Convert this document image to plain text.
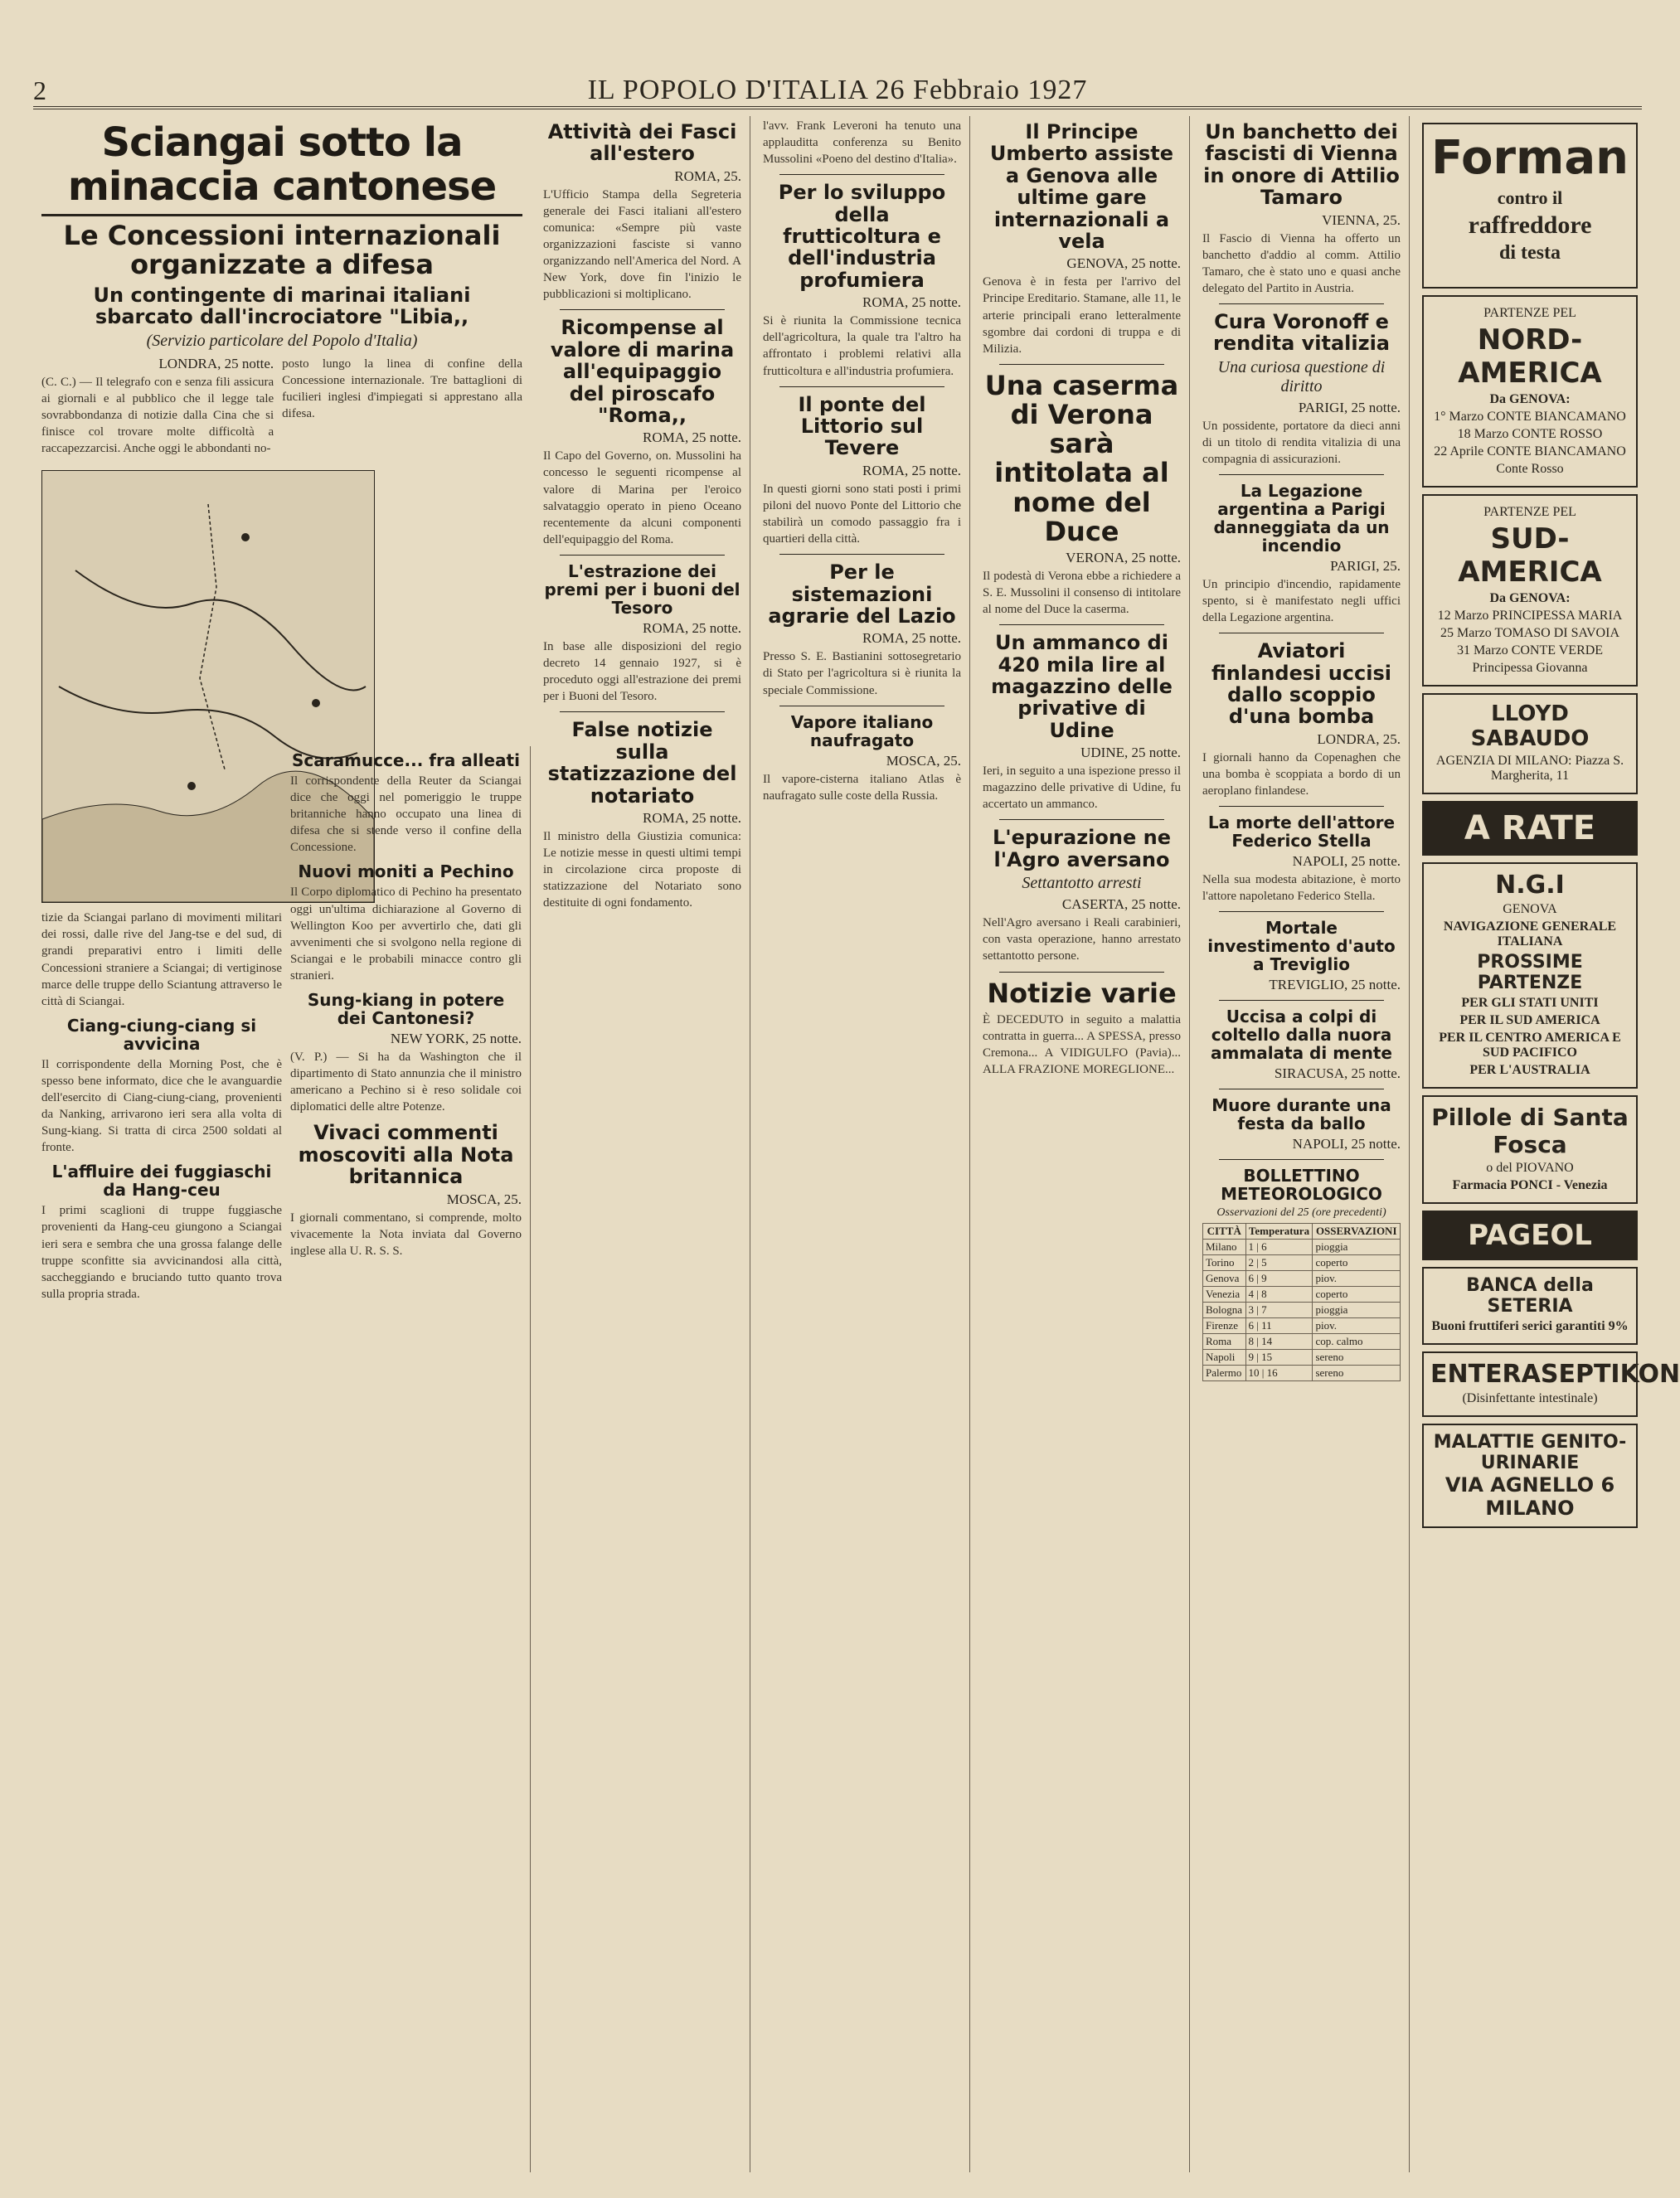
2	IL POPOLO D'ITALIA 26 Febbraio 1927
Sciangai sotto la minaccia cantonese
Le Concessioni internazionali organizzate a difesa
Un contingente di marinai italiani sbarcato dall'incrociatore "Libia,,
(Servizio particolare del Popolo d'Italia)
LONDRA, 25 notte.
(C. C.) — Il telegrafo con e senza fili assicura ai giornali e al pubblico che il legge tale sovrabbondanza di notizie dalla Cina che si finisce col trovare molte difficoltà a raccapezzarcisi. Anche oggi le abbondanti no-
posto lungo la linea di confine della Concessione internazionale. Tre battaglioni di fucilieri inglesi d'impiegati si apprestano alla difesa.
tizie da Sciangai parlano di movimenti militari dei rossi, dalle rive del Jang-tse e del sud, di grandi preparativi entro i limiti delle Concessioni straniere a Sciangai; di vertiginose marce delle truppe dello Sciantung attraverso le città di Sciangai.
Ciang-ciung-ciang si avvicina
Il corrispondente della Morning Post, che è spesso bene informato, dice che le avanguardie dell'esercito di Ciang-ciung-ciang, provenienti da Nanking, arrivarono ieri sera alla volta di Sung-kiang. Si tratta di circa 2500 soldati al fronte.
L'affluire dei fuggiaschi da Hang-ceu
I primi scaglioni di truppe fuggiasche provenienti da Hang-ceu giungono a Sciangai ieri sera e sembra che una grossa falange delle truppe sconfitte sia avvicinandosi alla città, saccheggiando e bruciando tutto quanto trova sulla propria strada.
Scaramucce... fra alleati
Il corrispondente della Reuter da Sciangai dice che oggi nel pomeriggio le truppe britanniche hanno occupato una linea di difesa che si stende verso il confine della Concessione.
Nuovi moniti a Pechino
Il Corpo diplomatico di Pechino ha presentato oggi un'ultima dichiarazione al Governo di Wellington Koo per avvertirlo che, dati gli avvenimenti che si svolgono nella regione di Sciangai e le probabili minacce contro gli stranieri.
Sung-kiang in potere dei Cantonesi?
NEW YORK, 25 notte.
(V. P.) — Si ha da Washington che il dipartimento di Stato annunzia che il ministro americano a Pechino si è reso solidale coi diplomatici delle altre Potenze.
Vivaci commenti moscoviti alla Nota britannica
MOSCA, 25.
I giornali commentano, si comprende, molto vivacemente la Nota inviata dal Governo inglese alla U. R. S. S.
Attività dei Fasci all'estero
ROMA, 25.
L'Ufficio Stampa della Segreteria generale dei Fasci italiani all'estero comunica: «Sempre più vaste organizzazioni fasciste si vanno organizzando nell'America del Nord. A New York, dove fin l'inizio le pubblicazioni si moltiplicano.
Ricompense al valore di marina all'equipaggio del piroscafo "Roma,,
ROMA, 25 notte.
Il Capo del Governo, on. Mussolini ha concesso le seguenti ricompense al valore di Marina per l'eroico salvataggio operato in pieno Oceano recentemente da alcuni componenti dell'equipaggio del Roma.
L'estrazione dei premi per i buoni del Tesoro
ROMA, 25 notte.
In base alle disposizioni del regio decreto 14 gennaio 1927, si è proceduto oggi all'estrazione dei premi per i Buoni del Tesoro.
False notizie sulla statizzazione del notariato
ROMA, 25 notte.
Il ministro della Giustizia comunica: Le notizie messe in questi ultimi tempi in circolazione circa proposte di statizzazione del Notariato sono destituite di ogni fondamento.
l'avv. Frank Leveroni ha tenuto una applauditta conferenza su Benito Mussolini «Poeno del destino d'Italia».
Per lo sviluppo della frutticoltura e dell'industria profumiera
ROMA, 25 notte.
Si è riunita la Commissione tecnica dell'agricoltura, la quale tra l'altro ha affrontato i problemi relativi alla frutticoltura e all'industria profumiera.
Il ponte del Littorio sul Tevere
ROMA, 25 notte.
In questi giorni sono stati posti i primi piloni del nuovo Ponte del Littorio che stabilirà un comodo passaggio fra i quartieri della città.
Per le sistemazioni agrarie del Lazio
ROMA, 25 notte.
Presso S. E. Bastianini sottosegretario di Stato per l'agricoltura si è riunita la speciale Commissione.
Vapore italiano naufragato
MOSCA, 25.
Il vapore-cisterna italiano Atlas è naufragato sulle coste della Russia.
Il Principe Umberto assiste a Genova alle ultime gare internazionali a vela
GENOVA, 25 notte.
Genova è in festa per l'arrivo del Principe Ereditario. Stamane, alle 11, le arterie principali erano letteralmente sgombre dai cordoni di truppa e di Milizia.
Una caserma di Verona sarà intitolata al nome del Duce
VERONA, 25 notte.
Il podestà di Verona ebbe a richiedere a S. E. Mussolini il consenso di intitolare al nome del Duce la caserma.
Un ammanco di 420 mila lire al magazzino delle privative di Udine
UDINE, 25 notte.
Ieri, in seguito a una ispezione presso il magazzino delle privative di Udine, fu accertato un ammanco.
L'epurazione ne l'Agro aversano
Settantotto arresti
CASERTA, 25 notte.
Nell'Agro aversano i Reali carabinieri, con vasta operazione, hanno arrestato settantotto persone.
Notizie varie
È DECEDUTO in seguito a malattia contratta in guerra... A SPESSA, presso Cremona... A VIDIGULFO (Pavia)... ALLA FRAZIONE MOREGLIONE...
Un banchetto dei fascisti di Vienna in onore di Attilio Tamaro
VIENNA, 25.
Il Fascio di Vienna ha offerto un banchetto d'addio al comm. Attilio Tamaro, che è stato uno e quasi anche delegato del Partito in Austria.
Cura Voronoff e rendita vitalizia
Una curiosa questione di diritto
PARIGI, 25 notte.
Un possidente, portatore da dieci anni di un titolo di rendita vitalizia di una compagnia di assicurazioni.
La Legazione argentina a Parigi danneggiata da un incendio
PARIGI, 25.
Un principio d'incendio, rapidamente spento, si è manifestato negli uffici della Legazione argentina.
Aviatori finlandesi uccisi dallo scoppio d'una bomba
LONDRA, 25.
I giornali hanno da Copenaghen che una bomba è scoppiata a bordo di un aeroplano finlandese.
La morte dell'attore Federico Stella
NAPOLI, 25 notte.
Nella sua modesta abitazione, è morto l'attore napoletano Federico Stella.
Mortale investimento d'auto a Treviglio
TREVIGLIO, 25 notte.
Uccisa a colpi di coltello dalla nuora ammalata di mente
SIRACUSA, 25 notte.
Muore durante una festa da ballo
NAPOLI, 25 notte.
BOLLETTINO METEOROLOGICO
Osservazioni del 25 (ore precedenti)
CITTÀ	Temperatura	OSSERVAZIONI
Milano	1 | 6	pioggia
Torino	2 | 5	coperto
Genova	6 | 9	piov.
Venezia	4 | 8	coperto
Bologna	3 | 7	pioggia
Firenze	6 | 11	piov.
Roma	8 | 14	cop. calmo
Napoli	9 | 15	sereno
Palermo	10 | 16	sereno
Forman

contro il

raffreddore

di testa

PARTENZE PEL

NORD-AMERICA

Da GENOVA:

1° Marzo CONTE BIANCAMANO

18 Marzo CONTE ROSSO

22 Aprile CONTE BIANCAMANO

Conte Rosso

PARTENZE PEL

SUD-AMERICA

Da GENOVA:

12 Marzo PRINCIPESSA MARIA

25 Marzo TOMASO DI SAVOIA

31 Marzo CONTE VERDE

Principessa Giovanna

LLOYD SABAUDO

AGENZIA DI MILANO: Piazza S. Margherita, 11

A RATE
N.G.I

GENOVA

NAVIGAZIONE GENERALE ITALIANA

PROSSIME PARTENZE

PER GLI STATI UNITI

PER IL SUD AMERICA

PER IL CENTRO AMERICA E SUD PACIFICO

PER L'AUSTRALIA

Pillole di Santa Fosca

o del PIOVANO

Farmacia PONCI - Venezia

PAGEOL
BANCA della SETERIA

Buoni fruttiferi serici garantiti 9%

ENTERASEPTIKON

(Disinfettante intestinale)

MALATTIE GENITO-URINARIE
VIA AGNELLO 6 MILANO
